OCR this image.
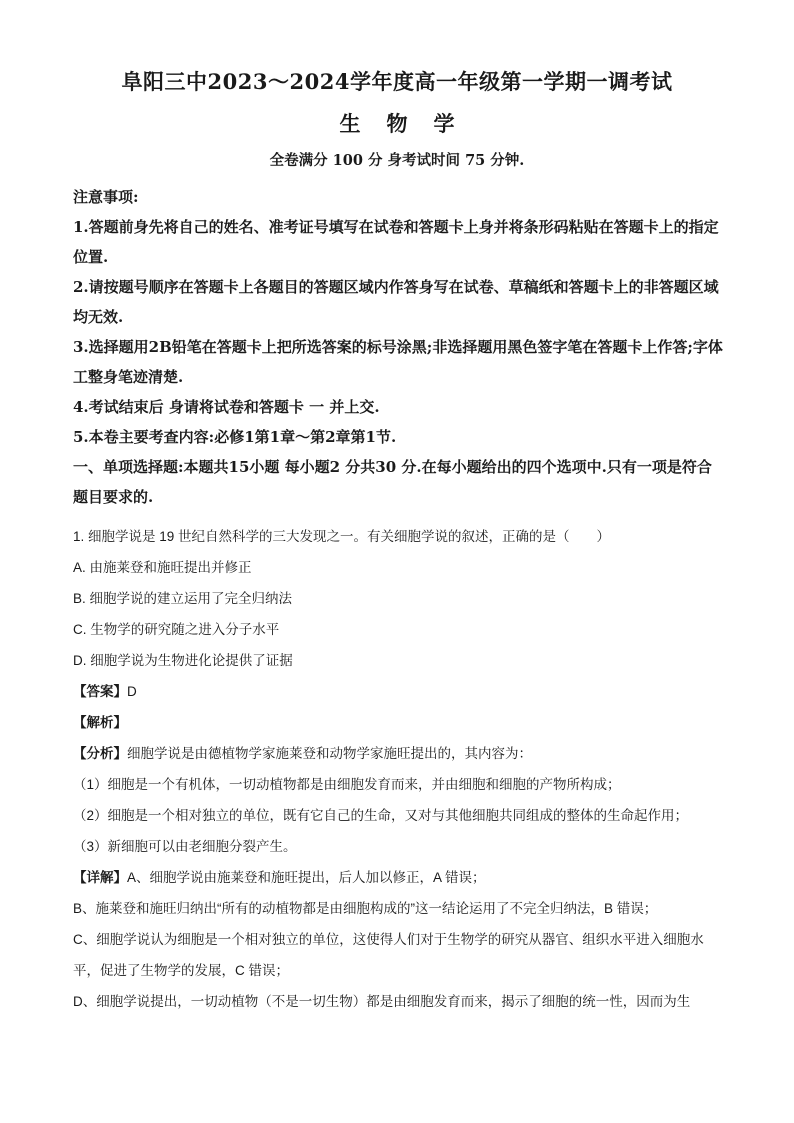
阜阳三中2023～2024学年度高一年级第一学期一调考试
生物学
全卷满分 100 分 身考试时间 75 分钟.

注意事项:

1.答题前身先将自己的姓名、准考证号填写在试卷和答题卡上身并将条形码粘贴在答题卡上的指定位置.

2.请按题号顺序在答题卡上各题目的答题区域内作答身写在试卷、草稿纸和答题卡上的非答题区域均无效.

3.选择题用2B铅笔在答题卡上把所选答案的标号涂黑;非选择题用黑色签字笔在答题卡上作答;字体工整身笔迹清楚.

4.考试结束后 身请将试卷和答题卡 一 并上交.

5.本卷主要考查内容:必修1第1章～第2章第1节.

一、单项选择题:本题共15小题 每小题2 分共30 分.在每小题给出的四个选项中.只有一项是符合题目要求的.

1. 细胞学说是 19 世纪自然科学的三大发现之一。有关细胞学说的叙述，正确的是（　　）

A. 由施莱登和施旺提出并修正

B. 细胞学说的建立运用了完全归纳法

C. 生物学的研究随之进入分子水平

D. 细胞学说为生物进化论提供了证据

【答案】D

【解析】

【分析】细胞学说是由德植物学家施莱登和动物学家施旺提出的，其内容为：

（1）细胞是一个有机体，一切动植物都是由细胞发育而来，并由细胞和细胞的产物所构成；

（2）细胞是一个相对独立的单位，既有它自己的生命，又对与其他细胞共同组成的整体的生命起作用；

（3）新细胞可以由老细胞分裂产生。

【详解】A、细胞学说由施莱登和施旺提出，后人加以修正，A 错误；

B、施莱登和施旺归纳出“所有的动植物都是由细胞构成的”这一结论运用了不完全归纳法，B 错误；

C、细胞学说认为细胞是一个相对独立的单位，这使得人们对于生物学的研究从器官、组织水平进入细胞水平，促进了生物学的发展，C 错误；

D、细胞学说提出，一切动植物（不是一切生物）都是由细胞发育而来，揭示了细胞的统一性，因而为生
